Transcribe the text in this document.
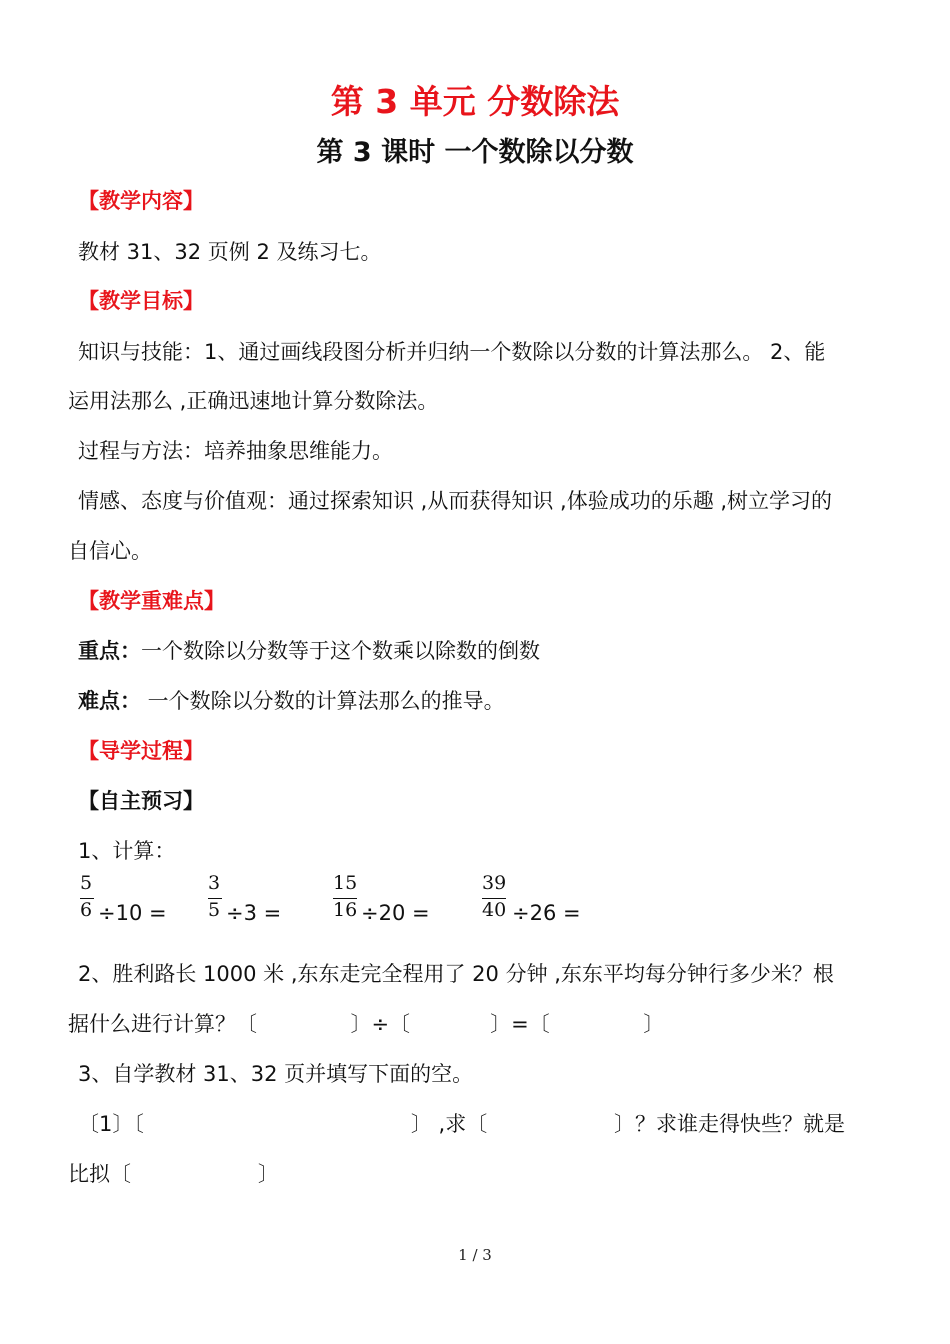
第 3 单元 分数除法
第 3 课时 一个数除以分数
【教学内容】
教材 31、32 页例 2 及练习七。
【教学目标】
知识与技能：1、通过画线段图分析并归纳一个数除以分数的计算法那么。 2、能
运用法那么 ,正确迅速地计算分数除法。
过程与方法：培养抽象思维能力。
情感、态度与价值观：通过探索知识 ,从而获得知识 ,体验成功的乐趣 ,树立学习的
自信心。
【教学重难点】
重点：一个数除以分数等于这个数乘以除数的倒数
难点： 一个数除以分数的计算法那么的推导。
【导学过程】
【自主预习】
1、计算：
5
6 ÷10 =
3
5 ÷3 =
15
16 ÷20 =
39
40 ÷26 =
2、胜利路长 1000 米 ,东东走完全程用了 20 分钟 ,东东平均每分钟行多少米？根
据什么进行计算？〔              〕÷〔            〕=〔              〕
3、自学教材 31、32 页并填写下面的空。
〔1〕〔                                        〕 ,求〔                   〕？求谁走得快些？就是
比拟〔                   〕
1 / 3
